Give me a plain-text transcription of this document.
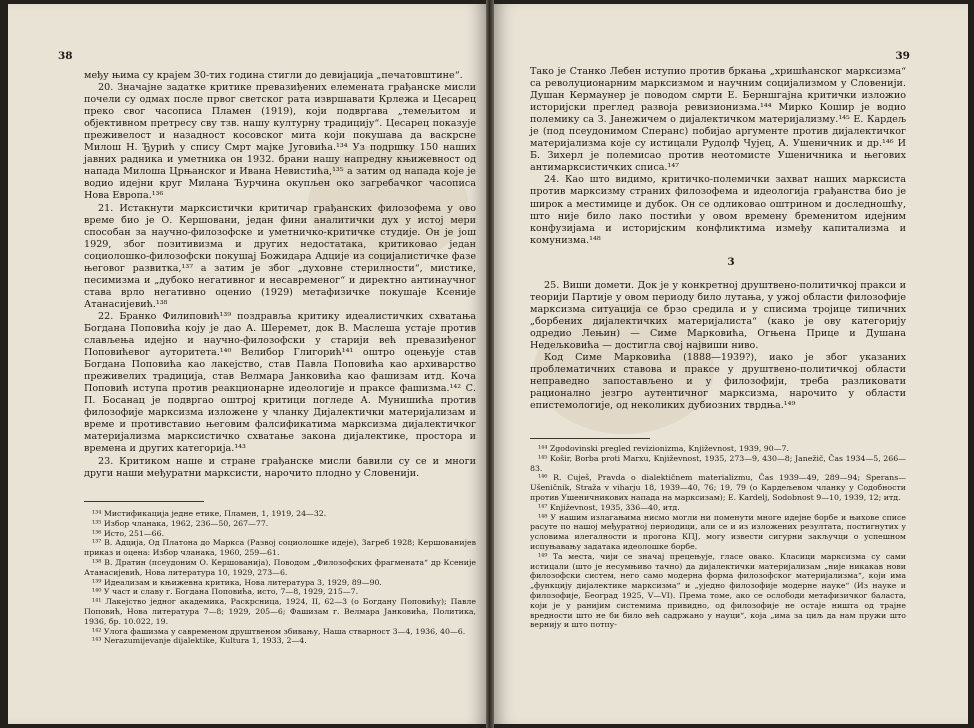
38

међу њима су крајем 30-тих година стигли до девијација „печатовштине“.

20. Значајне задатке критике превазиђених елемената грађанске мисли почели су одмах после првог светског рата извршавати Крлежа и Цесарец преко свог часописа Пламен (1919), који подвргава „темељитом и објективном претресу сву тзв. нашу културну традицију“. Цесарец показује преживелост и назадност косовског мита који покушава да васкрсне Милош Н. Ђурић у спису Смрт мајке Југовића.¹³⁴ Уз подршку 150 наших јавних радника и уметника он 1932. брани нашу напредну књижевност од напада Милоша Црњанског и Ивана Невистића,¹³⁵ а затим од напада које је водио идејни круг Милана Ћурчина окупљен око загребачког часописа Нова Европа.¹³⁶

21. Истакнути марксистички критичар грађанских филозофема у ово време био је О. Кершовани, један фини аналитички дух у истој мери способан за научно-филозофске и уметничко-критичке студије. Он је још 1929, због позитивизма и других недостатака, критиковао један социолошко-филозофски покушај Божидара Адције из социјалистичке фазе његовог развитка,¹³⁷ а затим је због „духовне стерилности“, мистике, песимизма и „дубоко негативног и несавременог“ и директно антинаучног става врло негативно оценио (1929) метафизичке покушаје Ксеније Атанасијевић.¹³⁸

22. Бранко Филиповић¹³⁹ поздравља критику идеалистичких схватања Богдана Поповића коју је дао А. Шеремет, док В. Маслеша устаје против слављења идејно и научно-филозофски у старији већ превазиђеног Поповићевог ауторитета.¹⁴⁰ Велибор Глигорић¹⁴¹ оштро оцењује став Богдана Поповића као лакејство, став Павла Поповића као архиварство преживелих традиција, став Велмара Јанковића као фашизам итд. Коча Поповић иступа против реакционарне идеологије и праксе фашизма.¹⁴² С. П. Босанац је подвргао оштрој критици погледе А. Мунишића против филозофије марксизма изложене у чланку Дијалектички материјализам и време и противставио његовим фалсификатима марксизма дијалектичког материјализма марксистичко схватање закона дијалектике, простора и времена и других категорија.¹⁴³

23. Критиком наше и стране грађанске мисли бавили су се и многи други наши међуратни марксисти, нарочито плодно у Словенији.

¹³⁴ Мистификација једне етике, Пламен, 1, 1919, 24—32.
¹³⁵ Избор чланака, 1962, 236—50, 267—77.
¹³⁶ Исто, 251—66.
¹³⁷ В. Адција, Од Платона до Маркса (Развој социолошке идеје), Загреб 1928; Кершованијев приказ и оцена: Избор чланака, 1960, 259—61.
¹³⁸ В. Дратин (псеудоним О. Кершованија), Поводом „Филозофских фрагмената“ др Ксеније Атанасијевић, Нова литература 10, 1929, 273—6.
¹³⁹ Идеализам и књижевна критика, Нова литература 3, 1929, 89—90.
¹⁴⁰ У част и славу г. Богдана Поповића, исто, 7—8, 1929, 215—7.
¹⁴¹ Лакејство једног академика, Раскрсница, 1924, II, 62—3 (о Богдану Поповићу); Павле Поповић, Нова литература 7—8; 1929, 205—6; Фашизам г. Велмара Јанковића, Политика, 1936, бр. 10.022, 19.
¹⁴² Улога фашизма у савременом друштвеном збивању, Наша стварност 3—4, 1936, 40—6.
¹⁴³ Nerazumijevanje dijalektike, Kultura 1, 1933, 2—4.
39

Тако је Станко Лебен иступио против бркања „хришћанског марксизма“ са револуционарним марксизмом и научним социјализмом у Словенији. Душан Кермаунер је поводом смрти Е. Берншгајна критички изложио историјски преглед развоја ревизионизма.¹⁴⁴ Мирко Кошир је водио полемику са З. Јанежичем о дијалектичком материјализму.¹⁴⁵ Е. Кардељ је (под псеудонимом Сперанс) побијао аргументе против дијалектичког материјализма које су истицали Рудолф Чујец, А. Ушеничник и др.¹⁴⁶ И Б. Зихерл је полемисао против неотомисте Ушеничника и његових антимарксистичких списа.¹⁴⁷

24. Као што видимо, критичко-полемички захват наших марксиста против марксизму страних филозофема и идеологија грађанства био је широк а местимице и дубок. Он се одликовао оштрином и доследношћу, што није било лако постићи у овом времену бременитом идејним конфузијама и историјским конфликтима између капитализма и комунизма.¹⁴⁸

3

25. Виши домети. Док је у конкретној друштвено-политичкој пракси и теорији Партије у овом периоду било лутања, у ужој области филозофије марксизма ситуација се брзо средила и у списима тројице типичних „борбених дијалектичких материјалиста“ (како је ову категорију одредио Лењин) — Симе Марковића, Огњена Прице и Душана Недељковића — достигла свој највиши ниво.

Код Симе Марковића (1888—1939?), иако је због указаних проблематичних ставова и праксе у друштвено-политичкој области неправедно запостављено и у филозофији, треба разликовати рационално језгро аутентичног марксизма, нарочито у области епистемологије, од неколиких дубиозних тврдња.¹⁴⁹

¹⁴⁴ Zgodovinski pregled revizionizma, Književnost, 1939, 90—7.
¹⁴⁵ Košir, Borba proti Marxu, Književnost, 1935, 273—9, 430—8; Janežič, Čas 1934—5, 266—83.
¹⁴⁶ R. Cuješ, Pravda o dialektičnem materializmu, Čas 1939—49, 289—94; Sperans—Ušeničnik, Straža v viharju 18, 1939—40, 76; 19, 79 (о Кардељевом чланку у Содобности против Ушеничникових напада на марксизам); E. Kardelj, Sodobnost 9—10, 1939, 12; итд.
¹⁴⁷ Književnost, 1935, 336—40, итд.
¹⁴⁸ У нашим излагањима нисмо могли ни поменути многе идејне борбе и њихове списе расуте по нашој међуратној периодици, али се и из изложених резултата, постигнутих у условима илегалности и прогона КПЈ, могу извести сигурни закључци о успешном испуњавању задатака идеолошке борбе.
¹⁴⁹ Та места, чији се значај прецењује, гласе овако. Класици марксизма су сами истицали (што је несумњиво тачно) да дијалектички материјализам „није никакав нови филозофски систем, него само модерна форма филозофског материјализма“, који има „функцију дијалектике марксизма“ и „уједно филозофије модерне науке“ (Из науке и филозофије, Београд 1925, V—VI). Према томе, ако се ослободи метафизичког баласта, који је у ранијим системима привидно, од филозофије не остаје ништа од трајне вредности што не би било већ садржано у науци“, која „има за циљ да нам пружи што вернију и што потпу-
